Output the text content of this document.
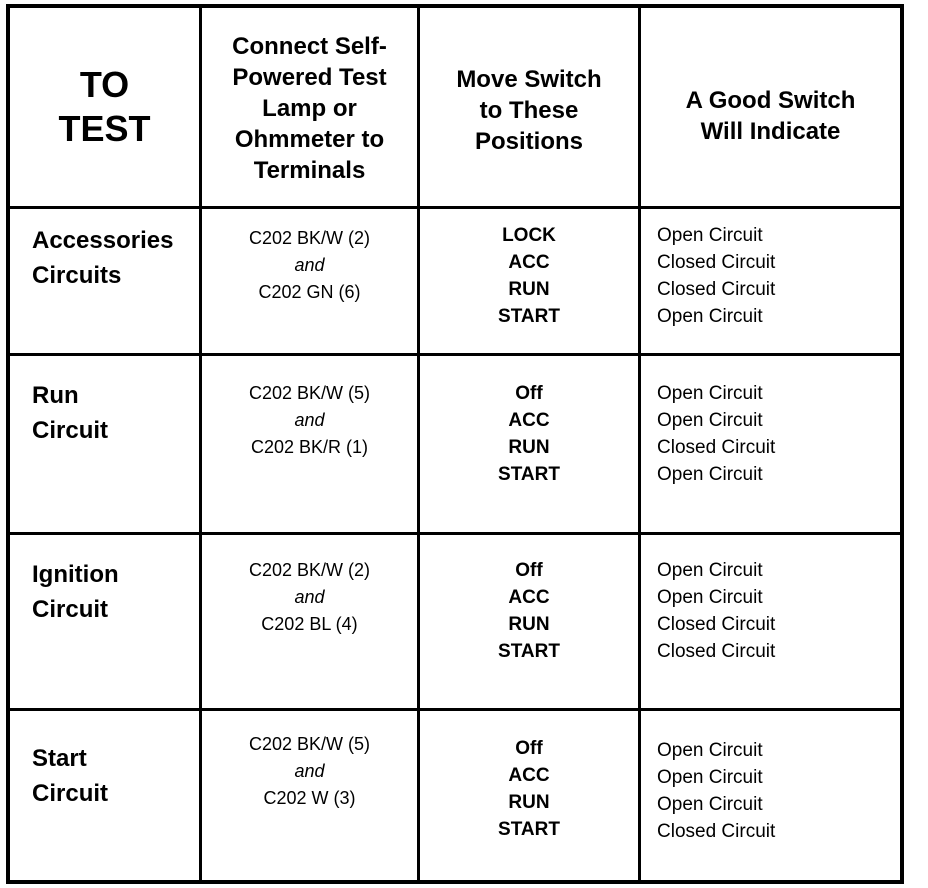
TO
TEST
Connect Self-
Powered Test
Lamp or
Ohmmeter to
Terminals
Move Switch
to These
Positions
A Good Switch
Will Indicate
Accessories
Circuits
C202 BK/W (2)
and
C202 GN (6)
LOCK
ACC
RUN
START
Open Circuit
Closed Circuit
Closed Circuit
Open Circuit
Run
Circuit
C202 BK/W (5)
and
C202 BK/R (1)
Off
ACC
RUN
START
Open Circuit
Open Circuit
Closed Circuit
Open Circuit
Ignition
Circuit
C202 BK/W (2)
and
C202 BL (4)
Off
ACC
RUN
START
Open Circuit
Open Circuit
Closed Circuit
Closed Circuit
Start
Circuit
C202 BK/W (5)
and
C202 W (3)
Off
ACC
RUN
START
Open Circuit
Open Circuit
Open Circuit
Closed Circuit
